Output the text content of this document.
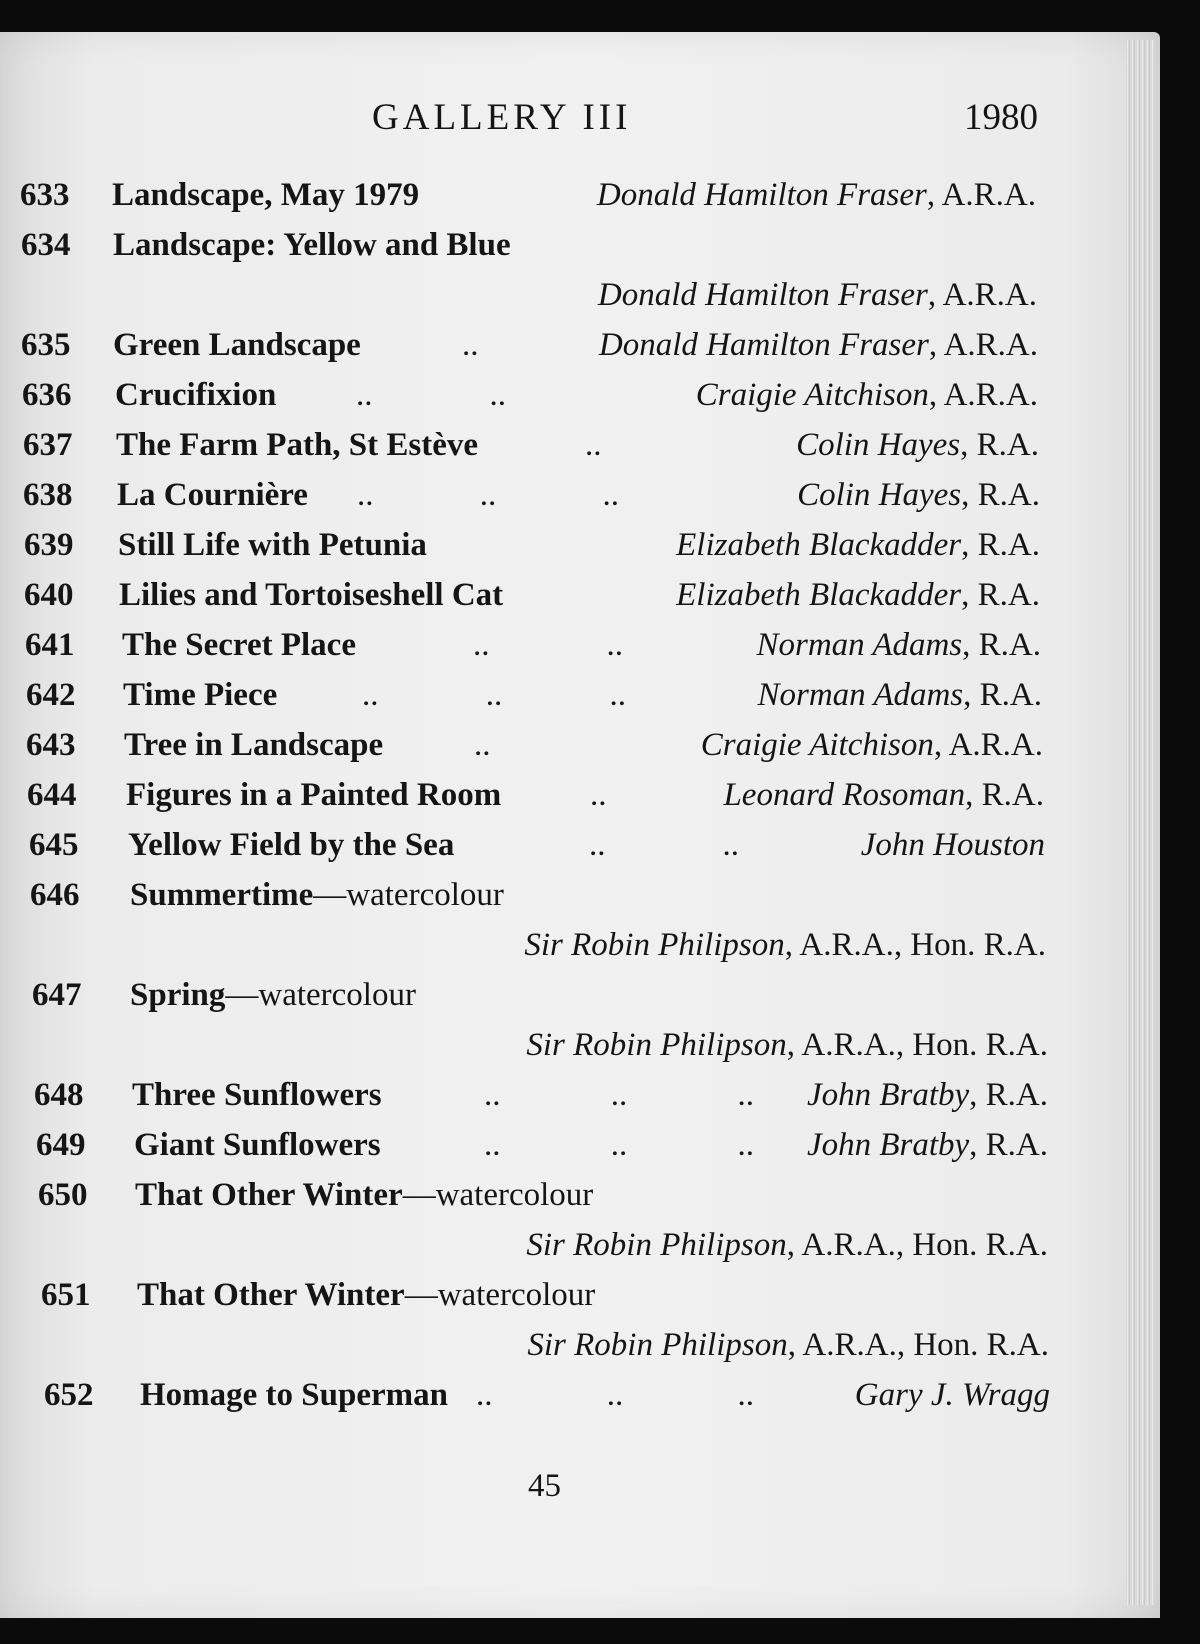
GALLERY III	1980
633 Landscape, May 1979	Donald Hamilton Fraser, A.R.A.
634 Landscape: Yellow and Blue
Donald Hamilton Fraser, A.R.A.
635 Green Landscape	..	Donald Hamilton Fraser, A.R.A.
636 Crucifixion ..	..	Craigie Aitchison, A.R.A.
637 The Farm Path, St Estève	..	Colin Hayes, R.A.
638 La Cournière ..	..	..	Colin Hayes, R.A.
639 Still Life with Petunia	Elizabeth Blackadder, R.A.
640 Lilies and Tortoiseshell Cat	Elizabeth Blackadder, R.A.
641 The Secret Place	..	..	Norman Adams, R.A.
642 Time Piece	..	..	..	Norman Adams, R.A.
643 Tree in Landscape	..	Craigie Aitchison, A.R.A.
644 Figures in a Painted Room	..	Leonard Rosoman, R.A.
645 Yellow Field by the Sea	..	..	John Houston
646 Summertime—watercolour
Sir Robin Philipson, A.R.A., Hon. R.A.
647 Spring—watercolour
Sir Robin Philipson, A.R.A., Hon. R.A.
648 Three Sunflowers	..	..	.. John Bratby, R.A.
649 Giant Sunflowers	..	..	.. John Bratby, R.A.
650 That Other Winter—watercolour
Sir Robin Philipson, A.R.A., Hon. R.A.
651 That Other Winter—watercolour
Sir Robin Philipson, A.R.A., Hon. R.A.
652 Homage to Superman ..	..	..	Gary J. Wragg
45
